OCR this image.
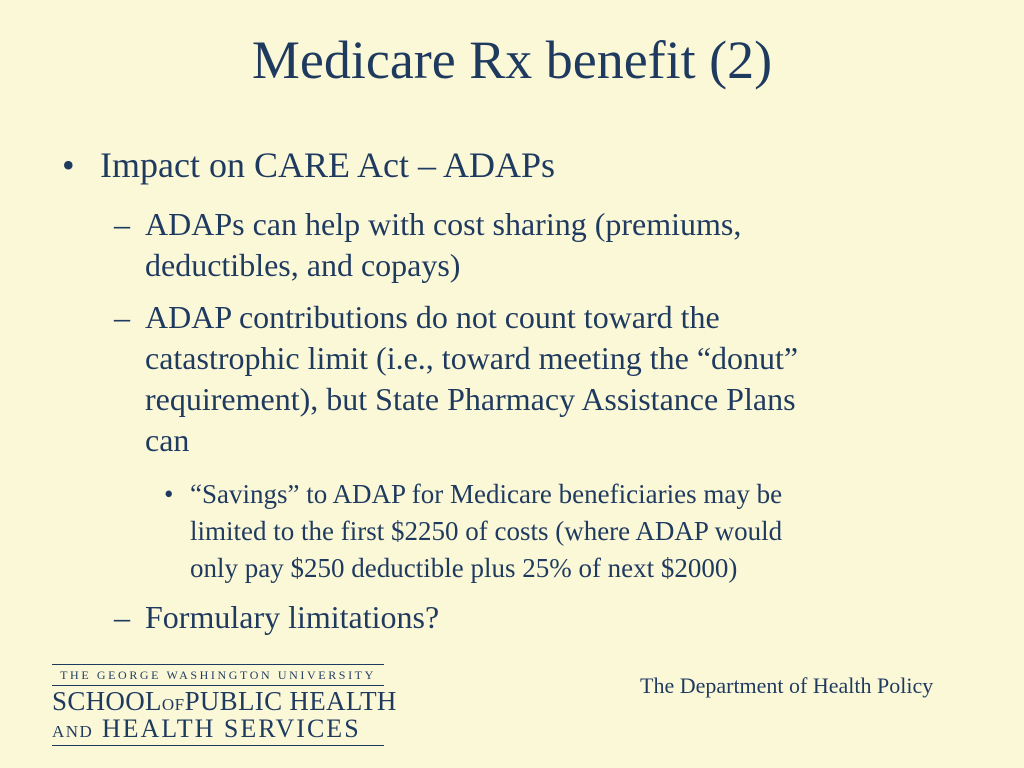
Medicare Rx benefit (2)
• Impact on CARE Act – ADAPs
– ADAPs can help with cost sharing (premiums,
deductibles, and copays)
– ADAP contributions do not count toward the
catastrophic limit (i.e., toward meeting the “donut”
requirement), but State Pharmacy Assistance Plans
can
• “Savings” to ADAP for Medicare beneficiaries may be
limited to the first $2250 of costs (where ADAP would
only pay $250 deductible plus 25% of next $2000)
– Formulary limitations?
THE GEORGE WASHINGTON UNIVERSITY
SCHOOLOFPUBLIC HEALTH
AND HEALTH SERVICES
The Department of Health Policy
